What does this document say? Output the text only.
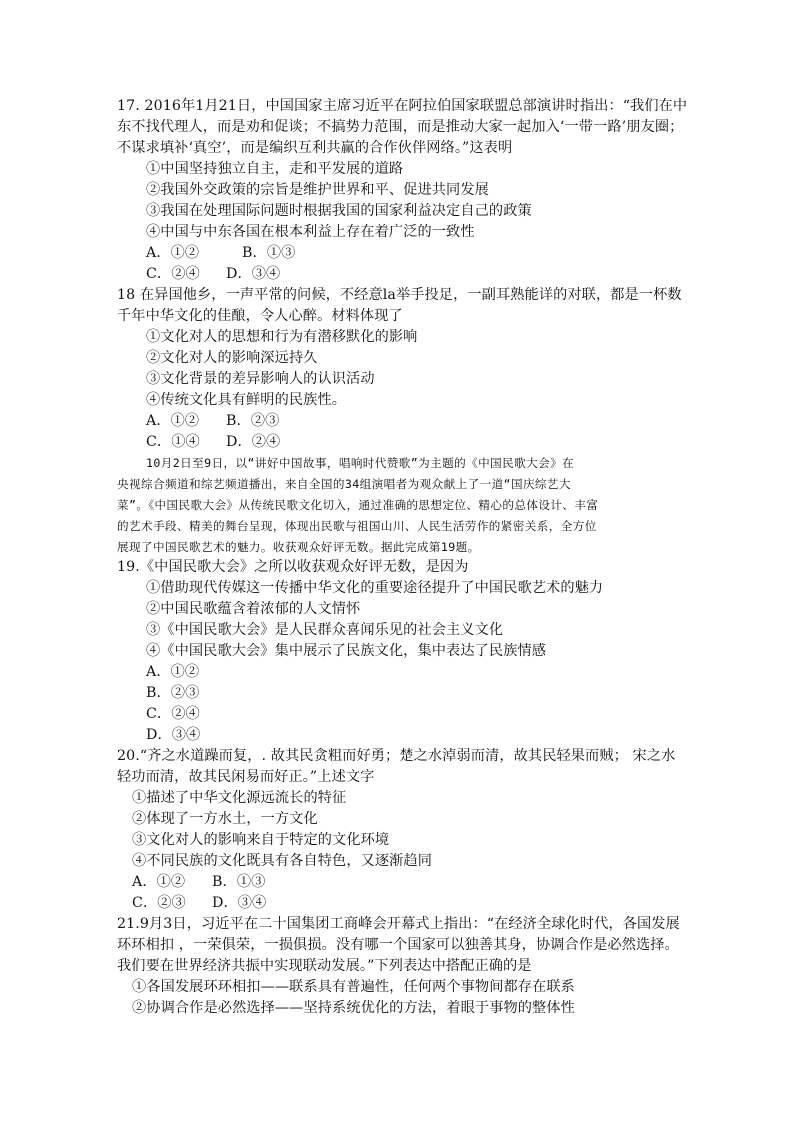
17. 2016年1月21日，中国国家主席习近平在阿拉伯国家联盟总部演讲时指出：“我们在中
东不找代理人，而是劝和促谈；不搞势力范围，而是推动大家一起加入‘一带一路’朋友圈；
不谋求填补‘真空’，而是编织互利共赢的合作伙伴网络。”这表明
①中国坚持独立自主，走和平发展的道路
②我国外交政策的宗旨是维护世界和平、促进共同发展
③我国在处理国际问题时根据我国的国家利益决定自己的政策
④中国与中东各国在根本利益上存在着广泛的一致性
A．①②	B．①③
C．②④ D．③④
18 在异国他乡，一声平常的问候，不经意la举手投足，一副耳熟能详的对联，都是一杯数
千年中华文化的佳酿，令人心醉。材料体现了
①文化对人的思想和行为有潜移默化的影响
②文化对人的影响深远持久
③文化背景的差异影响人的认识活动
④传统文化具有鲜明的民族性。
A．①② B．②③
C．①④ D．②④
10月2日至9日，以“讲好中国故事，唱响时代赞歌”为主题的《中国民歌大会》在
央视综合频道和综艺频道播出，来自全国的34组演唱者为观众献上了一道“国庆综艺大
菜”。《中国民歌大会》从传统民歌文化切入，通过准确的思想定位、精心的总体设计、丰富
的艺术手段、精美的舞台呈现，体现出民歌与祖国山川、人民生活劳作的紧密关系，全方位
展现了中国民歌艺术的魅力。收获观众好评无数。据此完成第19题。
19.《中国民歌大会》之所以收获观众好评无数，是因为
①借助现代传媒这一传播中华文化的重要途径提升了中国民歌艺术的魅力
②中国民歌蕴含着浓郁的人文情怀
③《中国民歌大会》是人民群众喜闻乐见的社会主义文化
④《中国民歌大会》集中展示了民族文化，集中表达了民族情感
A．①②
B．②③
C．②④
D．③④
20.“齐之水道躁而复，. 故其民贪粗而好勇；楚之水淖弱而清，故其民轻果而贼； 宋之水
轻功而清，故其民闲易而好正。”上述文字
①描述了中华文化源远流长的特征
②体现了一方水土，一方文化
③文化对人的影响来自于特定的文化环境
④不同民族的文化既具有各自特色，又逐渐趋同
A．①② B．①③
C．②③ D．③④
21.9月3日，习近平在二十国集团工商峰会开幕式上指出：“在经济全球化时代，各国发展
环环相扣 ，一荣俱荣，一损俱损。没有哪一个国家可以独善其身，协调合作是必然选择。
我们要在世界经济共振中实现联动发展。”下列表达中搭配正确的是
①各国发展环环相扣——联系具有普遍性，任何两个事物间都存在联系
②协调合作是必然选择——坚持系统优化的方法，着眼于事物的整体性
